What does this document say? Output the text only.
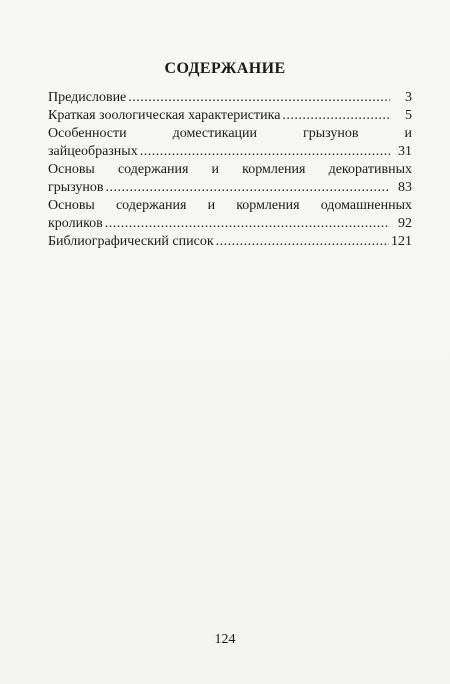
СОДЕРЖАНИЕ
Предисловие .....	3
Краткая зоологическая характеристика .....	5
Особенности доместикации грызунов и
зайцеобразных .....	31
Основы содержания и кормления декоративных
грызунов .....	83
Основы содержания и кормления одомашненных
кроликов .....	92
Библиографический список .....	121
124
